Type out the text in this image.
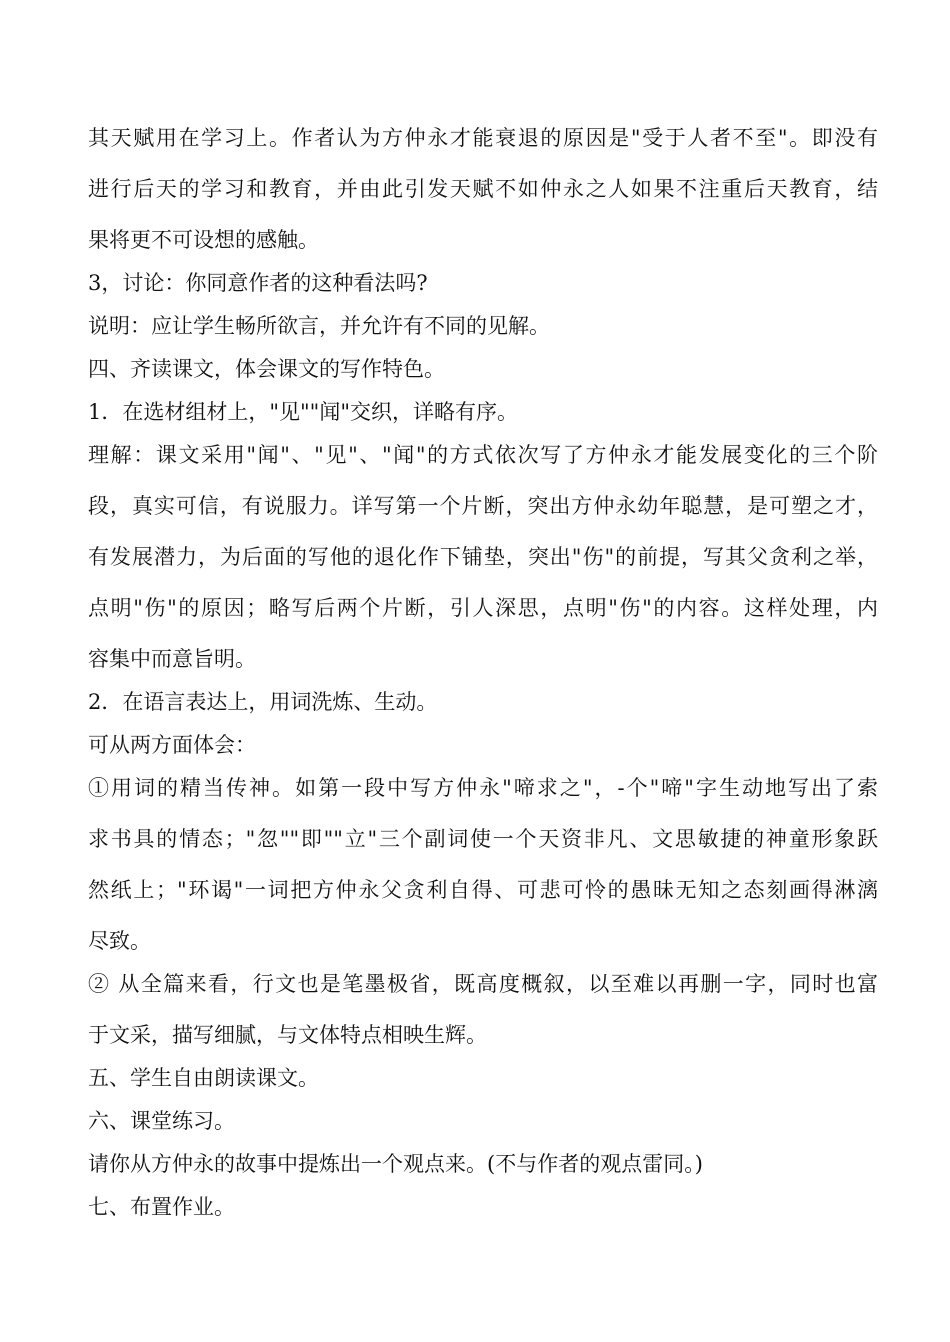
其天赋用在学习上。作者认为方仲永才能衰退的原因是"受于人者不至"。即没有
进行后天的学习和教育，并由此引发天赋不如仲永之人如果不注重后天教育，结
果将更不可设想的感触。
3，讨论：你同意作者的这种看法吗?
说明：应让学生畅所欲言，并允许有不同的见解。
四、齐读课文，体会课文的写作特色。
1．在选材组材上，"见""闻"交织，详略有序。
理解：课文采用"闻"、"见"、"闻"的方式依次写了方仲永才能发展变化的三个阶
段，真实可信，有说服力。详写第一个片断，突出方仲永幼年聪慧，是可塑之才，
有发展潜力，为后面的写他的退化作下铺垫，突出"伤"的前提，写其父贪利之举，
点明"伤"的原因；略写后两个片断，引人深思，点明"伤"的内容。这样处理，内
容集中而意旨明。
2．在语言表达上，用词洗炼、生动。
可从两方面体会：
①用词的精当传神。如第一段中写方仲永"啼求之"，-个"啼"字生动地写出了索
求书具的情态；"忽""即""立"三个副词使一个天资非凡、文思敏捷的神童形象跃
然纸上；"环谒"一词把方仲永父贪利自得、可悲可怜的愚昧无知之态刻画得淋漓
尽致。
② 从全篇来看，行文也是笔墨极省，既高度概叙，以至难以再删一字，同时也富
于文采，描写细腻，与文体特点相映生辉。
五、学生自由朗读课文。
六、课堂练习。
请你从方仲永的故事中提炼出一个观点来。(不与作者的观点雷同。)
七、布置作业。
